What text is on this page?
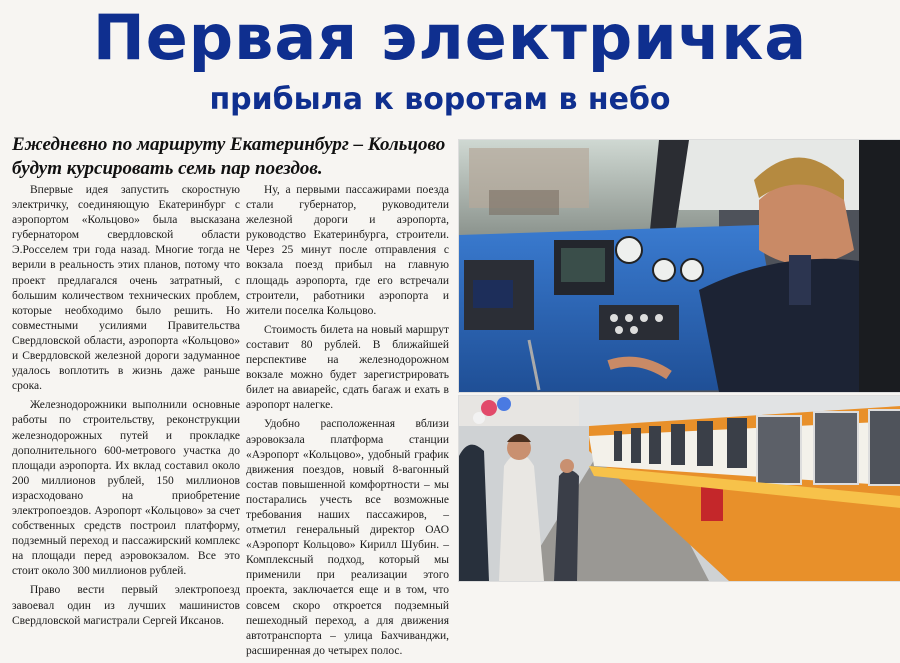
Первая электричка
прибыла к воротам в небо
Ежедневно по маршруту Екатеринбург – Кольцово будут курсировать семь пар поездов.

Впервые идея запустить скоростную электричку, соединяющую Екатеринбург с аэропортом «Кольцово» была высказана губернатором свердловской области Э.Росселем три года назад. Многие тогда не верили в реальность этих планов, потому что проект предлагался очень затратный, с большим количеством технических проблем, которые необходимо было решить. Но совместными усилиями Правительства Свердловской области, аэропорта «Кольцово» и Свердловской железной дороги задуманное удалось воплотить в жизнь даже раньше срока.

Железнодорожники выполнили основные работы по строительству, реконструкции железнодорожных путей и прокладке дополнительного 600-метрового участка до площади аэропорта. Их вклад составил около 200 миллионов рублей, 150 миллионов израсходовано на приобретение электропоездов. Аэропорт «Кольцово» за счет собственных средств построил платформу, подземный переход и пассажирский комплекс на площади перед аэровокзалом. Все это стоит около 300 миллионов рублей.

Право вести первый электропоезд завоевал один из лучших машинистов Свердловской магистрали Сергей Иксанов.

Ну, а первыми пассажирами поезда стали губернатор, руководители железной дороги и аэропорта, руководство Екатеринбурга, строители. Через 25 минут после отправления с вокзала поезд прибыл на главную площадь аэропорта, где его встречали строители, работники аэропорта и жители поселка Кольцово.

Стоимость билета на новый маршрут составит 80 рублей. В ближайшей перспективе на железнодорожном вокзале можно будет зарегистрировать билет на авиарейс, сдать багаж и ехать в аэропорт налегке.

Удобно расположенная вблизи аэровокзала платформа станции «Аэропорт «Кольцово», удобный график движения поездов, новый 8-вагонный состав повышенной комфортности – мы постарались учесть все возможные требования наших пассажиров, – отметил генеральный директор ОАО «Аэропорт Кольцово» Кирилл Шубин. – Комплексный подход, который мы применили при реализации этого проекта, заключается еще и в том, что совсем скоро откроется подземный пешеходный переход, а для движения автотранспорта – улица Бахчиванджи, расширенная до четырех полос.
